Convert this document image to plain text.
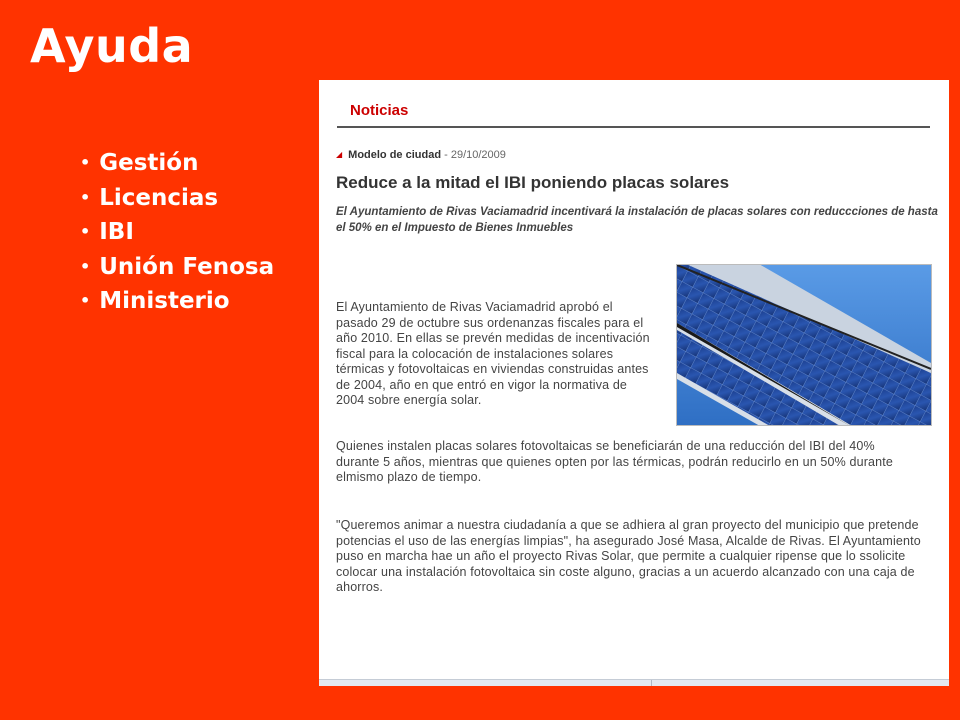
Ayuda
• Gestión
• Licencias
• IBI
• Unión Fenosa
• Ministerio
Noticias
◢ Modelo de ciudad - 29/10/2009
Reduce a la mitad el IBI poniendo placas solares
El Ayuntamiento de Rivas Vaciamadrid incentivará la instalación de placas solares con reduccciones de hasta el 50% en el Impuesto de Bienes Inmuebles
El Ayuntamiento de Rivas Vaciamadrid aprobó el pasado 29 de octubre sus ordenanzas fiscales para el año 2010. En ellas se prevén medidas de incentivación fiscal para la colocación de instalaciones solares térmicas y fotovoltaicas en viviendas construidas antes de 2004, año en que entró en vigor la normativa de 2004 sobre energía solar.
Quienes instalen placas solares fotovoltaicas se beneficiarán de una reducción del IBI del 40% durante 5 años, mientras que quienes opten por las térmicas, podrán reducirlo en un 50% durante elmismo plazo de tiempo.
"Queremos animar a nuestra ciudadanía a que se adhiera al gran proyecto del municipio que pretende potencias el uso de las energías limpias", ha asegurado José Masa, Alcalde de Rivas. El Ayuntamiento puso en marcha hae un año el proyecto Rivas Solar, que permite a cualquier ripense que lo ssolicite colocar una instalación fotovoltaica sin coste alguno, gracias a un acuerdo alcanzado con una caja de ahorros.
